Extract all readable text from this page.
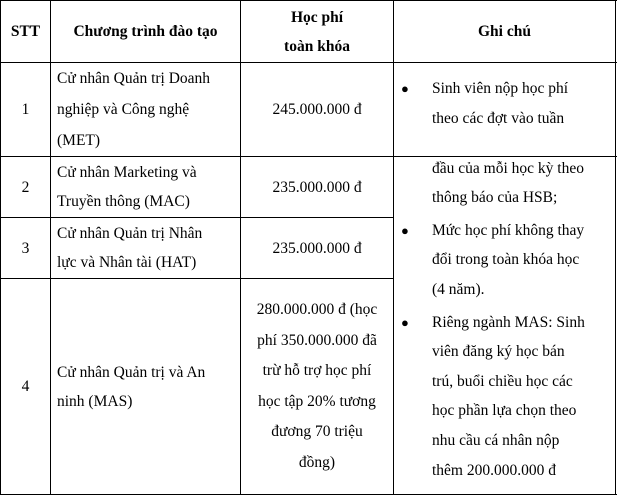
STT Chương trình đào tạo
Học phí
toàn khóa
Ghi chú
1
Cử nhân Quản trị Doanh
nghiệp và Công nghệ
(MET)
245.000.000 đ
2
Cử nhân Marketing và
Truyền thông (MAC)
235.000.000 đ
3
Cử nhân Quản trị Nhân
lực và Nhân tài (HAT)
235.000.000 đ
4
Cử nhân Quản trị và An
ninh (MAS)
280.000.000 đ (học
phí 350.000.000 đã
trừ hỗ trợ học phí
học tập 20% tương
đương 70 triệu
đồng)
● Sinh viên nộp học phí
theo các đợt vào tuần
đầu của mỗi học kỳ theo
thông báo của HSB;
● Mức học phí không thay
đổi trong toàn khóa học
(4 năm).
● Riêng ngành MAS: Sinh
viên đăng ký học bán
trú, buổi chiều học các
học phần lựa chọn theo
nhu cầu cá nhân nộp
thêm 200.000.000 đ
